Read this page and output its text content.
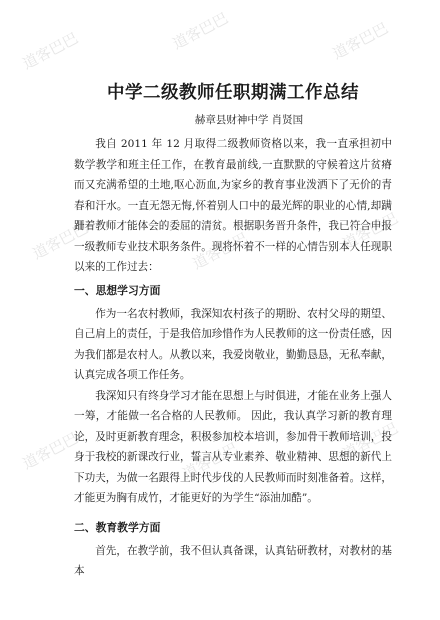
道客巴巴	道客巴巴	道客巴巴
道客巴巴	道客巴巴	道客巴巴
道客巴巴	道客巴巴	道客巴巴
中学二级教师任职期满工作总结
赫章县财神中学 肖贤国

我自 2011 年 12 月取得二级教师资格以来，我一直承担初中数学教学和班主任工作，在教育最前线,一直默默的守候着这片贫瘠而又充满希望的土地,呕心沥血,为家乡的教育事业泼洒下了无价的青春和汗水。一直无怨无悔,怀着别人口中的最光辉的职业的心情,却蹒跚着教师才能体会的委屈的清贫。根据职务晋升条件，我已符合申报一级教师专业技术职务条件。现将怀着不一样的心情告别本人任现职以来的工作过去：

一、思想学习方面

作为一名农村教师，我深知农村孩子的期盼、农村父母的期望、自己肩上的责任，于是我倍加珍惜作为人民教师的这一份责任感，因为我们都是农村人。从教以来，我爱岗敬业，勤勤恳恳，无私奉献，认真完成各项工作任务。

我深知只有终身学习才能在思想上与时俱进，才能在业务上强人一筹，才能做一名合格的人民教师。 因此，我认真学习新的教育理论，及时更新教育理念，积极参加校本培训，参加骨干教师培训，投身于我校的新课改行业，誓言从专业素养、敬业精神、思想的新代上下功夫，为做一名跟得上时代步伐的人民教师而时刻准备着。这样，才能更为胸有成竹，才能更好的为学生“添油加酷”。

二、教育教学方面

首先，在教学前，我不但认真备课，认真钻研教材，对教材的基本
